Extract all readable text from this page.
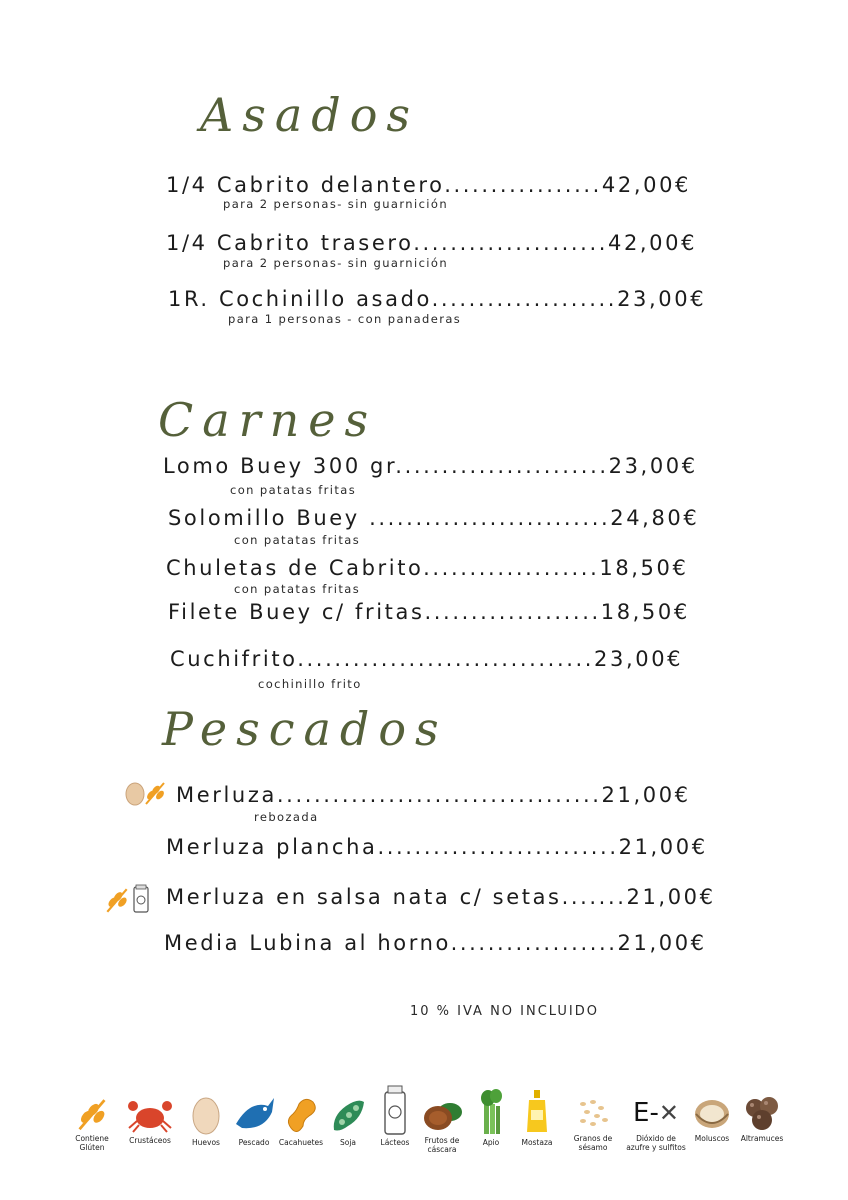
Asados
Carnes
Pescados
1/4 Cabrito delantero.................42,00€
para 2 personas- sin guarnición
1/4 Cabrito trasero.....................42,00€
para 2 personas- sin guarnición
1R. Cochinillo asado....................23,00€
para 1 personas - con panaderas
Lomo Buey 300 gr.......................23,00€
con patatas fritas
Solomillo Buey ..........................24,80€
con patatas fritas
Chuletas de Cabrito...................18,50€
con patatas fritas
Filete Buey c/ fritas...................18,50€
Cuchifrito................................23,00€
cochinillo frito
Merluza...................................21,00€
rebozada
Merluza plancha..........................21,00€
Merluza en salsa nata c/ setas.......21,00€
Media Lubina al horno..................21,00€
10 % IVA NO INCLUIDO
Contiene Glúten
Crustáceos	Huevos	Pescado	Cacahuetes	Soja	Lácteos	Frutos de cáscara
Apio	Mostaza	Granos de sésamo
E- ✕
Dióxido de azufre y sulfitos
Moluscos	Altramuces
